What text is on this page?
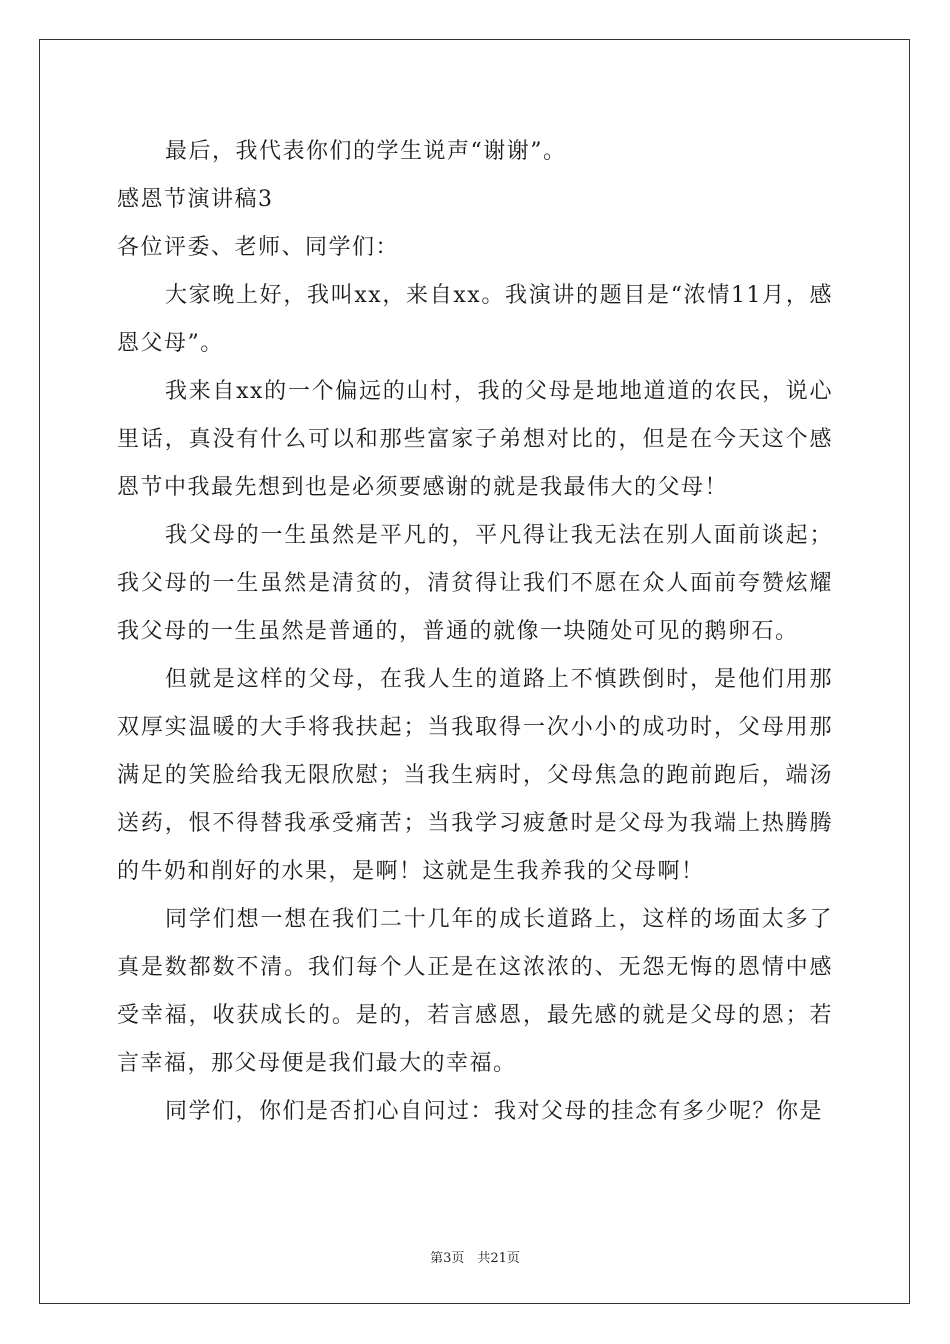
最后，我代表你们的学生说声“谢谢”。

感恩节演讲稿3

各位评委、老师、同学们：

大家晚上好，我叫xx，来自xx。我演讲的题目是“浓情11月，感恩父母”。

我来自xx的一个偏远的山村，我的父母是地地道道的农民，说心里话，真没有什么可以和那些富家子弟想对比的，但是在今天这个感恩节中我最先想到也是必须要感谢的就是我最伟大的父母！

我父母的一生虽然是平凡的，平凡得让我无法在别人面前谈起；我父母的一生虽然是清贫的，清贫得让我们不愿在众人面前夸赞炫耀我父母的一生虽然是普通的，普通的就像一块随处可见的鹅卵石。

但就是这样的父母，在我人生的道路上不慎跌倒时，是他们用那双厚实温暖的大手将我扶起；当我取得一次小小的成功时，父母用那满足的笑脸给我无限欣慰；当我生病时，父母焦急的跑前跑后，端汤送药，恨不得替我承受痛苦；当我学习疲惫时是父母为我端上热腾腾的牛奶和削好的水果，是啊！这就是生我养我的父母啊！

同学们想一想在我们二十几年的成长道路上，这样的场面太多了真是数都数不清。我们每个人正是在这浓浓的、无怨无悔的恩情中感受幸福，收获成长的。是的，若言感恩，最先感的就是父母的恩；若言幸福，那父母便是我们最大的幸福。

同学们，你们是否扪心自问过：我对父母的挂念有多少呢？你是

第3页　共21页
